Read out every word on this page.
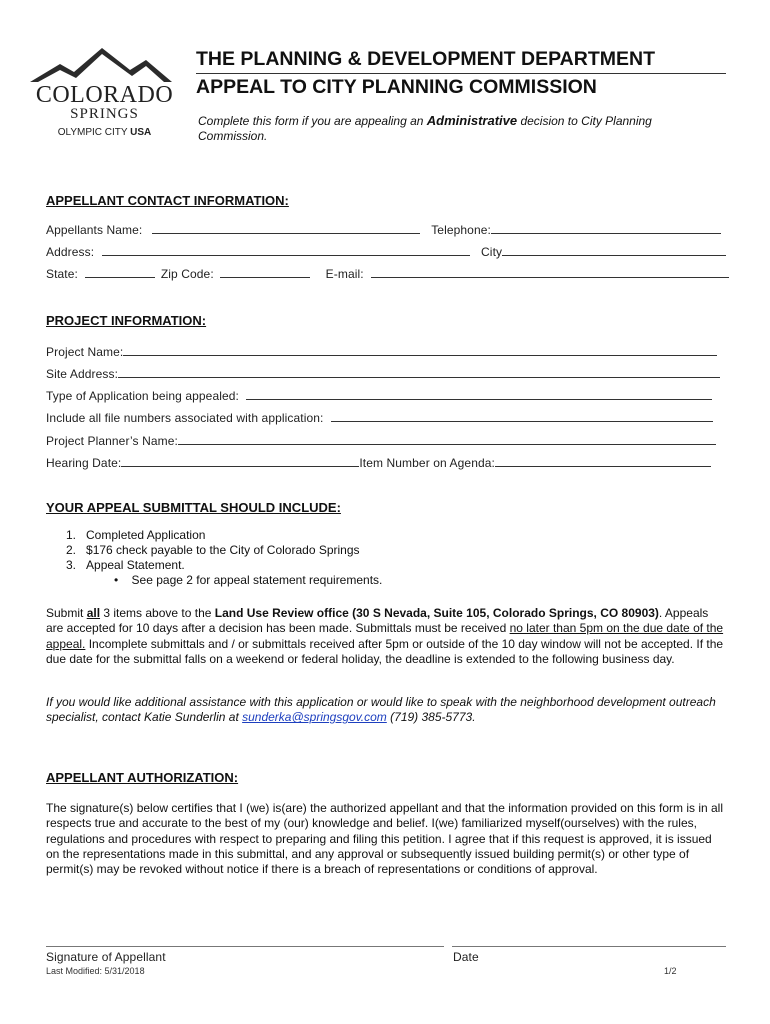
COLORADO
SPRINGS
OLYMPIC CITY USA
THE PLANNING & DEVELOPMENT DEPARTMENT
APPEAL TO CITY PLANNING COMMISSION
Complete this form if you are appealing an Administrative decision to City Planning Commission.
APPELLANT CONTACT INFORMATION:
Appellants Name:	Telephone:
Address:	City
State:	Zip Code:	E-mail:
PROJECT INFORMATION:
Project Name:
Site Address:
Type of Application being appealed:
Include all file numbers associated with application:
Project Planner’s Name:
Hearing Date:	Item Number on Agenda:
YOUR APPEAL SUBMITTAL SHOULD INCLUDE:
1.   Completed Application
2.   $176 check payable to the City of Colorado Springs
3.   Appeal Statement.
•    See page 2 for appeal statement requirements.
Submit all 3 items above to the Land Use Review office (30 S Nevada, Suite 105, Colorado Springs, CO 80903). Appeals are accepted for 10 days after a decision has been made. Submittals must be received no later than 5pm on the due date of the appeal. Incomplete submittals and / or submittals received after 5pm or outside of the 10 day window will not be accepted. If the due date for the submittal falls on a weekend or federal holiday, the deadline is extended to the following business day.
If you would like additional assistance with this application or would like to speak with the neighborhood development outreach specialist, contact Katie Sunderlin at sunderka@springsgov.com (719) 385-5773.
APPELLANT AUTHORIZATION:
The signature(s) below certifies that I (we) is(are) the authorized appellant and that the information provided on this form is in all respects true and accurate to the best of my (our) knowledge and belief. I(we) familiarized myself(ourselves) with the rules, regulations and procedures with respect to preparing and filing this petition. I agree that if this request is approved, it is issued on the representations made in this submittal, and any approval or subsequently issued building permit(s) or other type of permit(s) may be revoked without notice if there is a breach of representations or conditions of approval.
Signature of Appellant	Date
Last Modified: 5/31/2018	1/2
